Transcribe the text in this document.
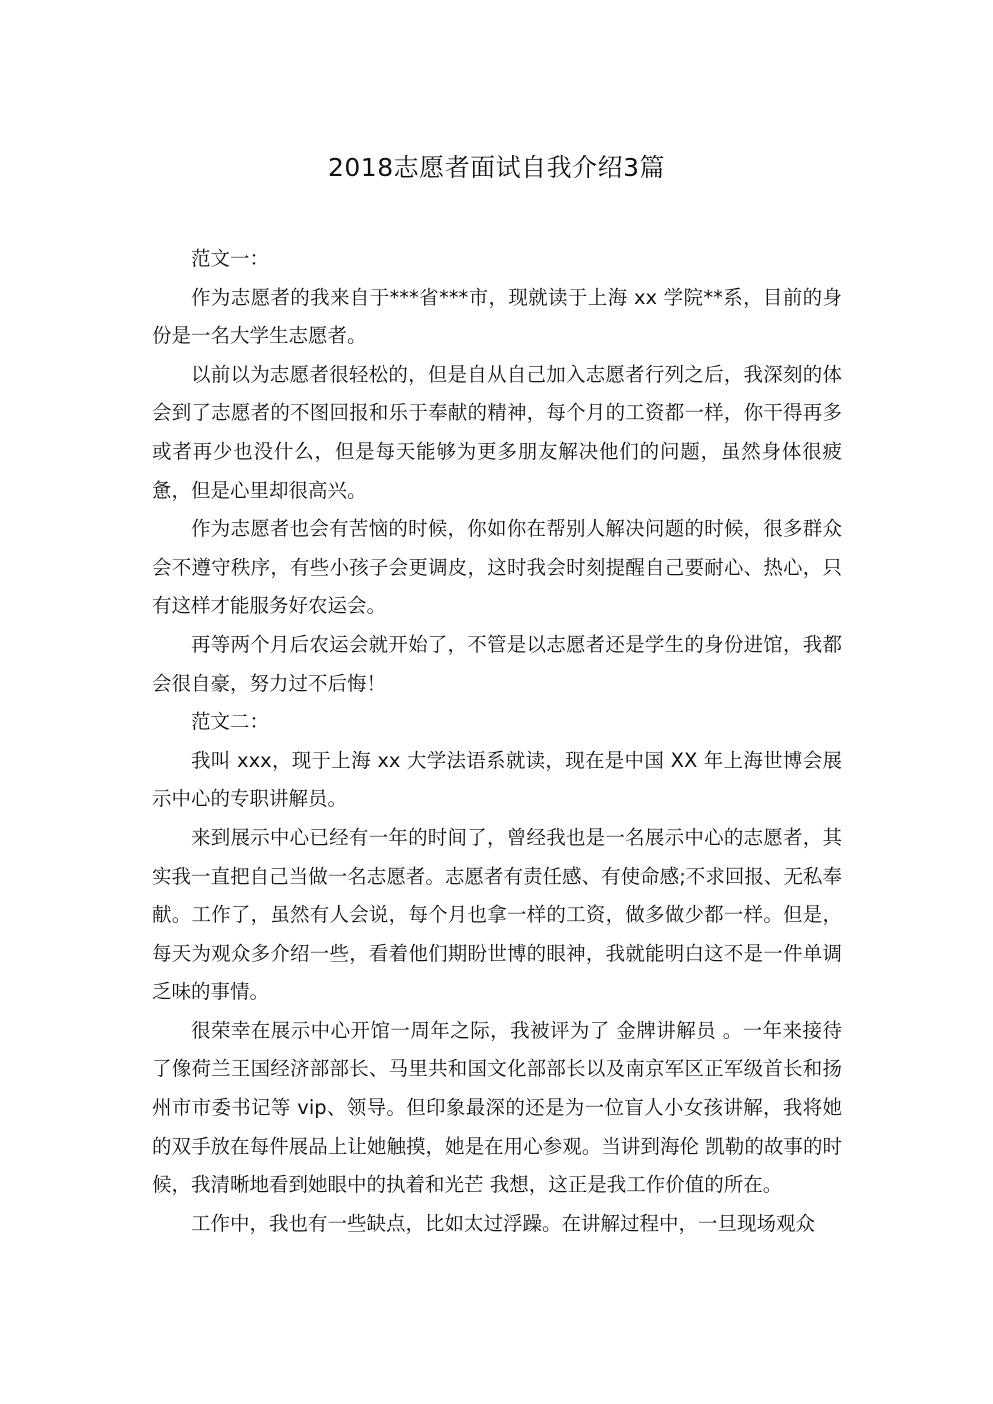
2018志愿者面试自我介绍3篇

范文一：

作为志愿者的我来自于***省***市，现就读于上海 xx 学院**系，目前的身份是一名大学生志愿者。

以前以为志愿者很轻松的，但是自从自己加入志愿者行列之后，我深刻的体会到了志愿者的不图回报和乐于奉献的精神，每个月的工资都一样，你干得再多或者再少也没什么，但是每天能够为更多朋友解决他们的问题，虽然身体很疲惫，但是心里却很高兴。

作为志愿者也会有苦恼的时候，你如你在帮别人解决问题的时候，很多群众会不遵守秩序，有些小孩子会更调皮，这时我会时刻提醒自己要耐心、热心，只有这样才能服务好农运会。

再等两个月后农运会就开始了，不管是以志愿者还是学生的身份进馆，我都会很自豪，努力过不后悔！

范文二：

我叫 xxx，现于上海 xx 大学法语系就读，现在是中国 XX 年上海世博会展示中心的专职讲解员。

来到展示中心已经有一年的时间了，曾经我也是一名展示中心的志愿者，其实我一直把自己当做一名志愿者。志愿者有责任感、有使命感;不求回报、无私奉献。工作了，虽然有人会说，每个月也拿一样的工资，做多做少都一样。但是，每天为观众多介绍一些，看着他们期盼世博的眼神，我就能明白这不是一件单调乏味的事情。

很荣幸在展示中心开馆一周年之际，我被评为了 金牌讲解员 。一年来接待了像荷兰王国经济部部长、马里共和国文化部部长以及南京军区正军级首长和扬州市市委书记等 vip、领导。但印象最深的还是为一位盲人小女孩讲解，我将她的双手放在每件展品上让她触摸，她是在用心参观。当讲到海伦 凯勒的故事的时候，我清晰地看到她眼中的执着和光芒 我想，这正是我工作价值的所在。

工作中，我也有一些缺点，比如太过浮躁。在讲解过程中，一旦现场观众
